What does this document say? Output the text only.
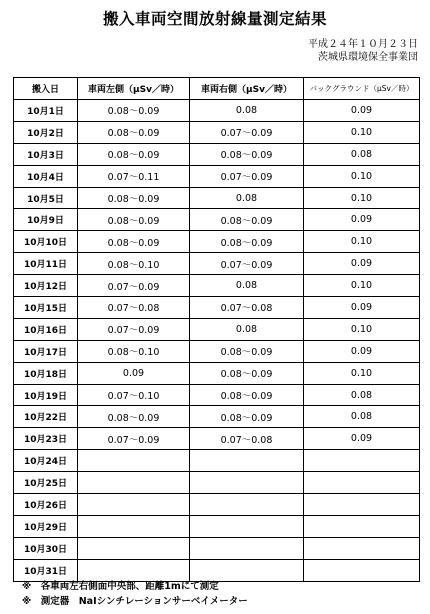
搬入車両空間放射線量測定結果
平成２４年１０月２３日
茨城県環境保全事業団
搬入日	車両左側（μSv／時）	車両右側（μSv／時）	バックグラウンド（μSv／時）
10月1日	0.08〜0.09	0.08	0.09
10月2日	0.08〜0.09	0.07〜0.09	0.10
10月3日	0.08〜0.09	0.08〜0.09	0.08
10月4日	0.07〜0.11	0.07〜0.09	0.10
10月5日	0.08〜0.09	0.08	0.10
10月9日	0.08〜0.09	0.08〜0.09	0.09
10月10日	0.08〜0.09	0.08〜0.09	0.10
10月11日	0.08〜0.10	0.07〜0.09	0.09
10月12日	0.07〜0.09	0.08	0.10
10月15日	0.07〜0.08	0.07〜0.08	0.09
10月16日	0.07〜0.09	0.08	0.10
10月17日	0.08〜0.10	0.08〜0.09	0.09
10月18日	0.09	0.08〜0.09	0.10
10月19日	0.07〜0.10	0.08〜0.09	0.08
10月22日	0.08〜0.09	0.08〜0.09	0.08
10月23日	0.07〜0.09	0.07〜0.08	0.09
10月24日			
10月25日			
10月26日			
10月29日			
10月30日			
10月31日			
※　各車両左右側面中央部、距離1mにて測定
※　測定器　NaIシンチレーションサーベイメーター
